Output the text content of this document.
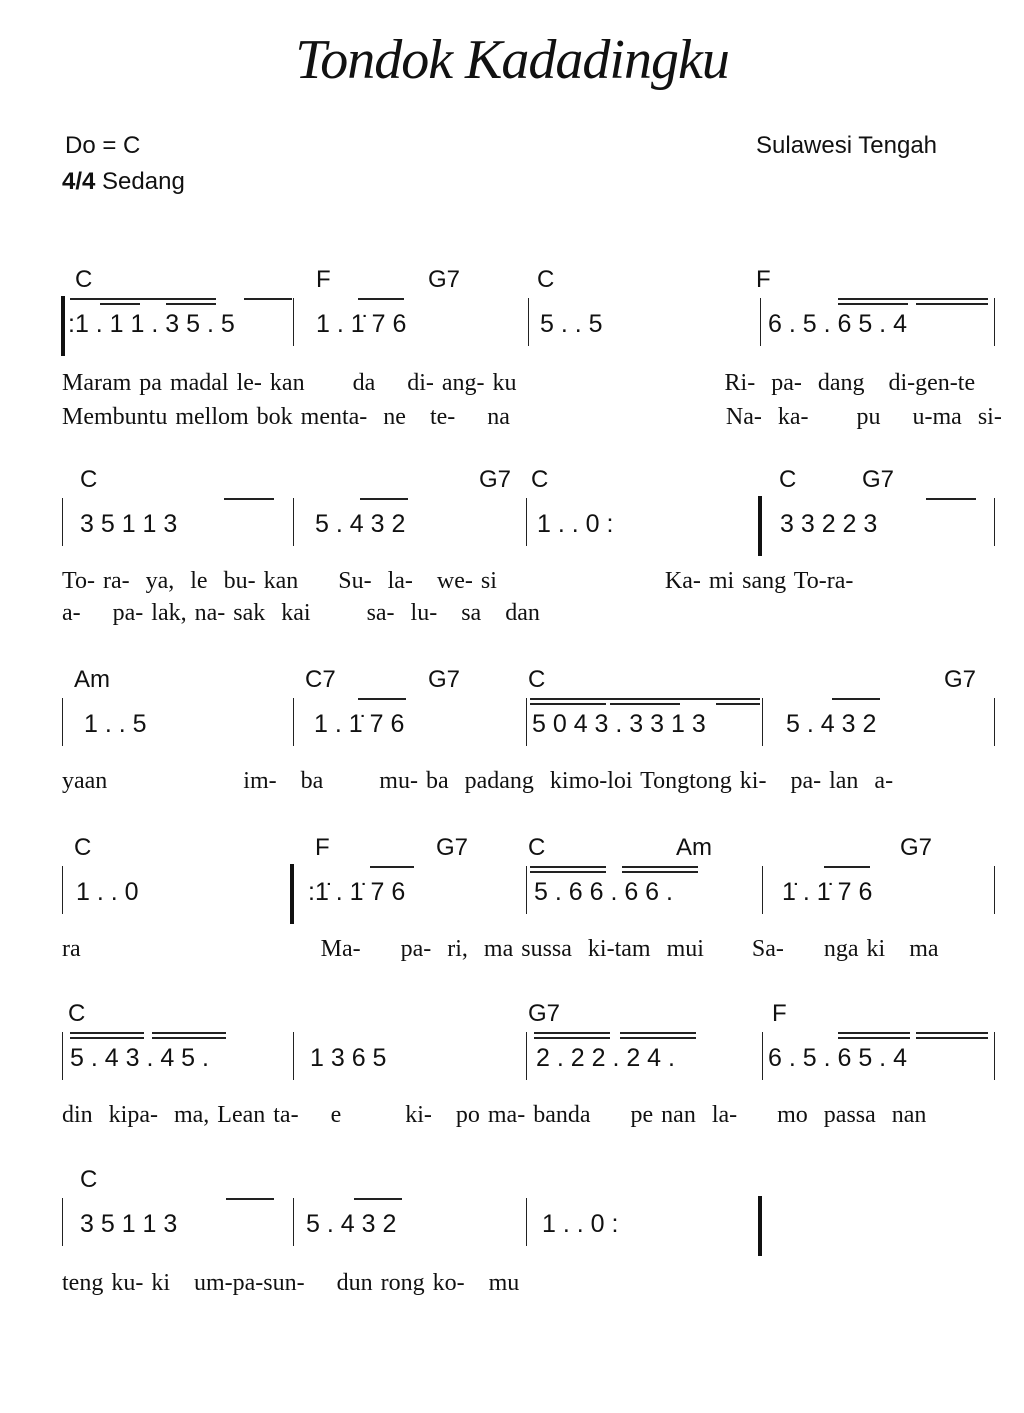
Tondok Kadadingku
Do = C
4/4 Sedang
Sulawesi Tengah
C	F	G7	C	F
:1 . 1 1 . 3 5 . 5	1 . 1̇ 7 6	5 . . 5	6 . 5 . 6 5 . 4
Maram pa madal le- kan      da    di- ang- ku                          Ri-  pa-  dang   di-gen-te
Membuntu mellom bok menta-  ne   te-    na                           Na-  ka-      pu    u-ma  si-
C	G7 C	C	G7
3 5 1 1 3	5 . 4 3 2	1 . . 0 :	3 3 2 2 3
To- ra-  ya,  le  bu- kan     Su-  la-   we- si                     Ka- mi sang To-ra-
a-    pa- lak, na- sak  kai       sa-  lu-   sa   dan
Am	C7	G7	C	G7
1 . . 5	1 . 1̇ 7 6	5 0 4 3 . 3 3 1 3	5 . 4 3 2
yaan                 im-   ba       mu- ba  padang  kimo-loi Tongtong ki-   pa- lan  a-
C	F	G7 C	Am	G7
1 . . 0	:1̇ . 1̇ 7 6	5 . 6 6 . 6 6 .	1̇ . 1̇ 7 6
ra                              Ma-     pa-  ri,  ma sussa  ki-tam  mui      Sa-     nga ki   ma
C	G7	F
5 . 4 3 . 4 5 .	1 3 6 5	2 . 2 2 . 2 4 .	6 . 5 . 6 5 . 4
din  kipa-  ma, Lean ta-    e        ki-   po ma- banda     pe nan  la-     mo  passa  nan
C
3 5 1 1 3	5 . 4 3 2	1 . . 0 :
teng ku- ki   um-pa-sun-    dun rong ko-   mu
